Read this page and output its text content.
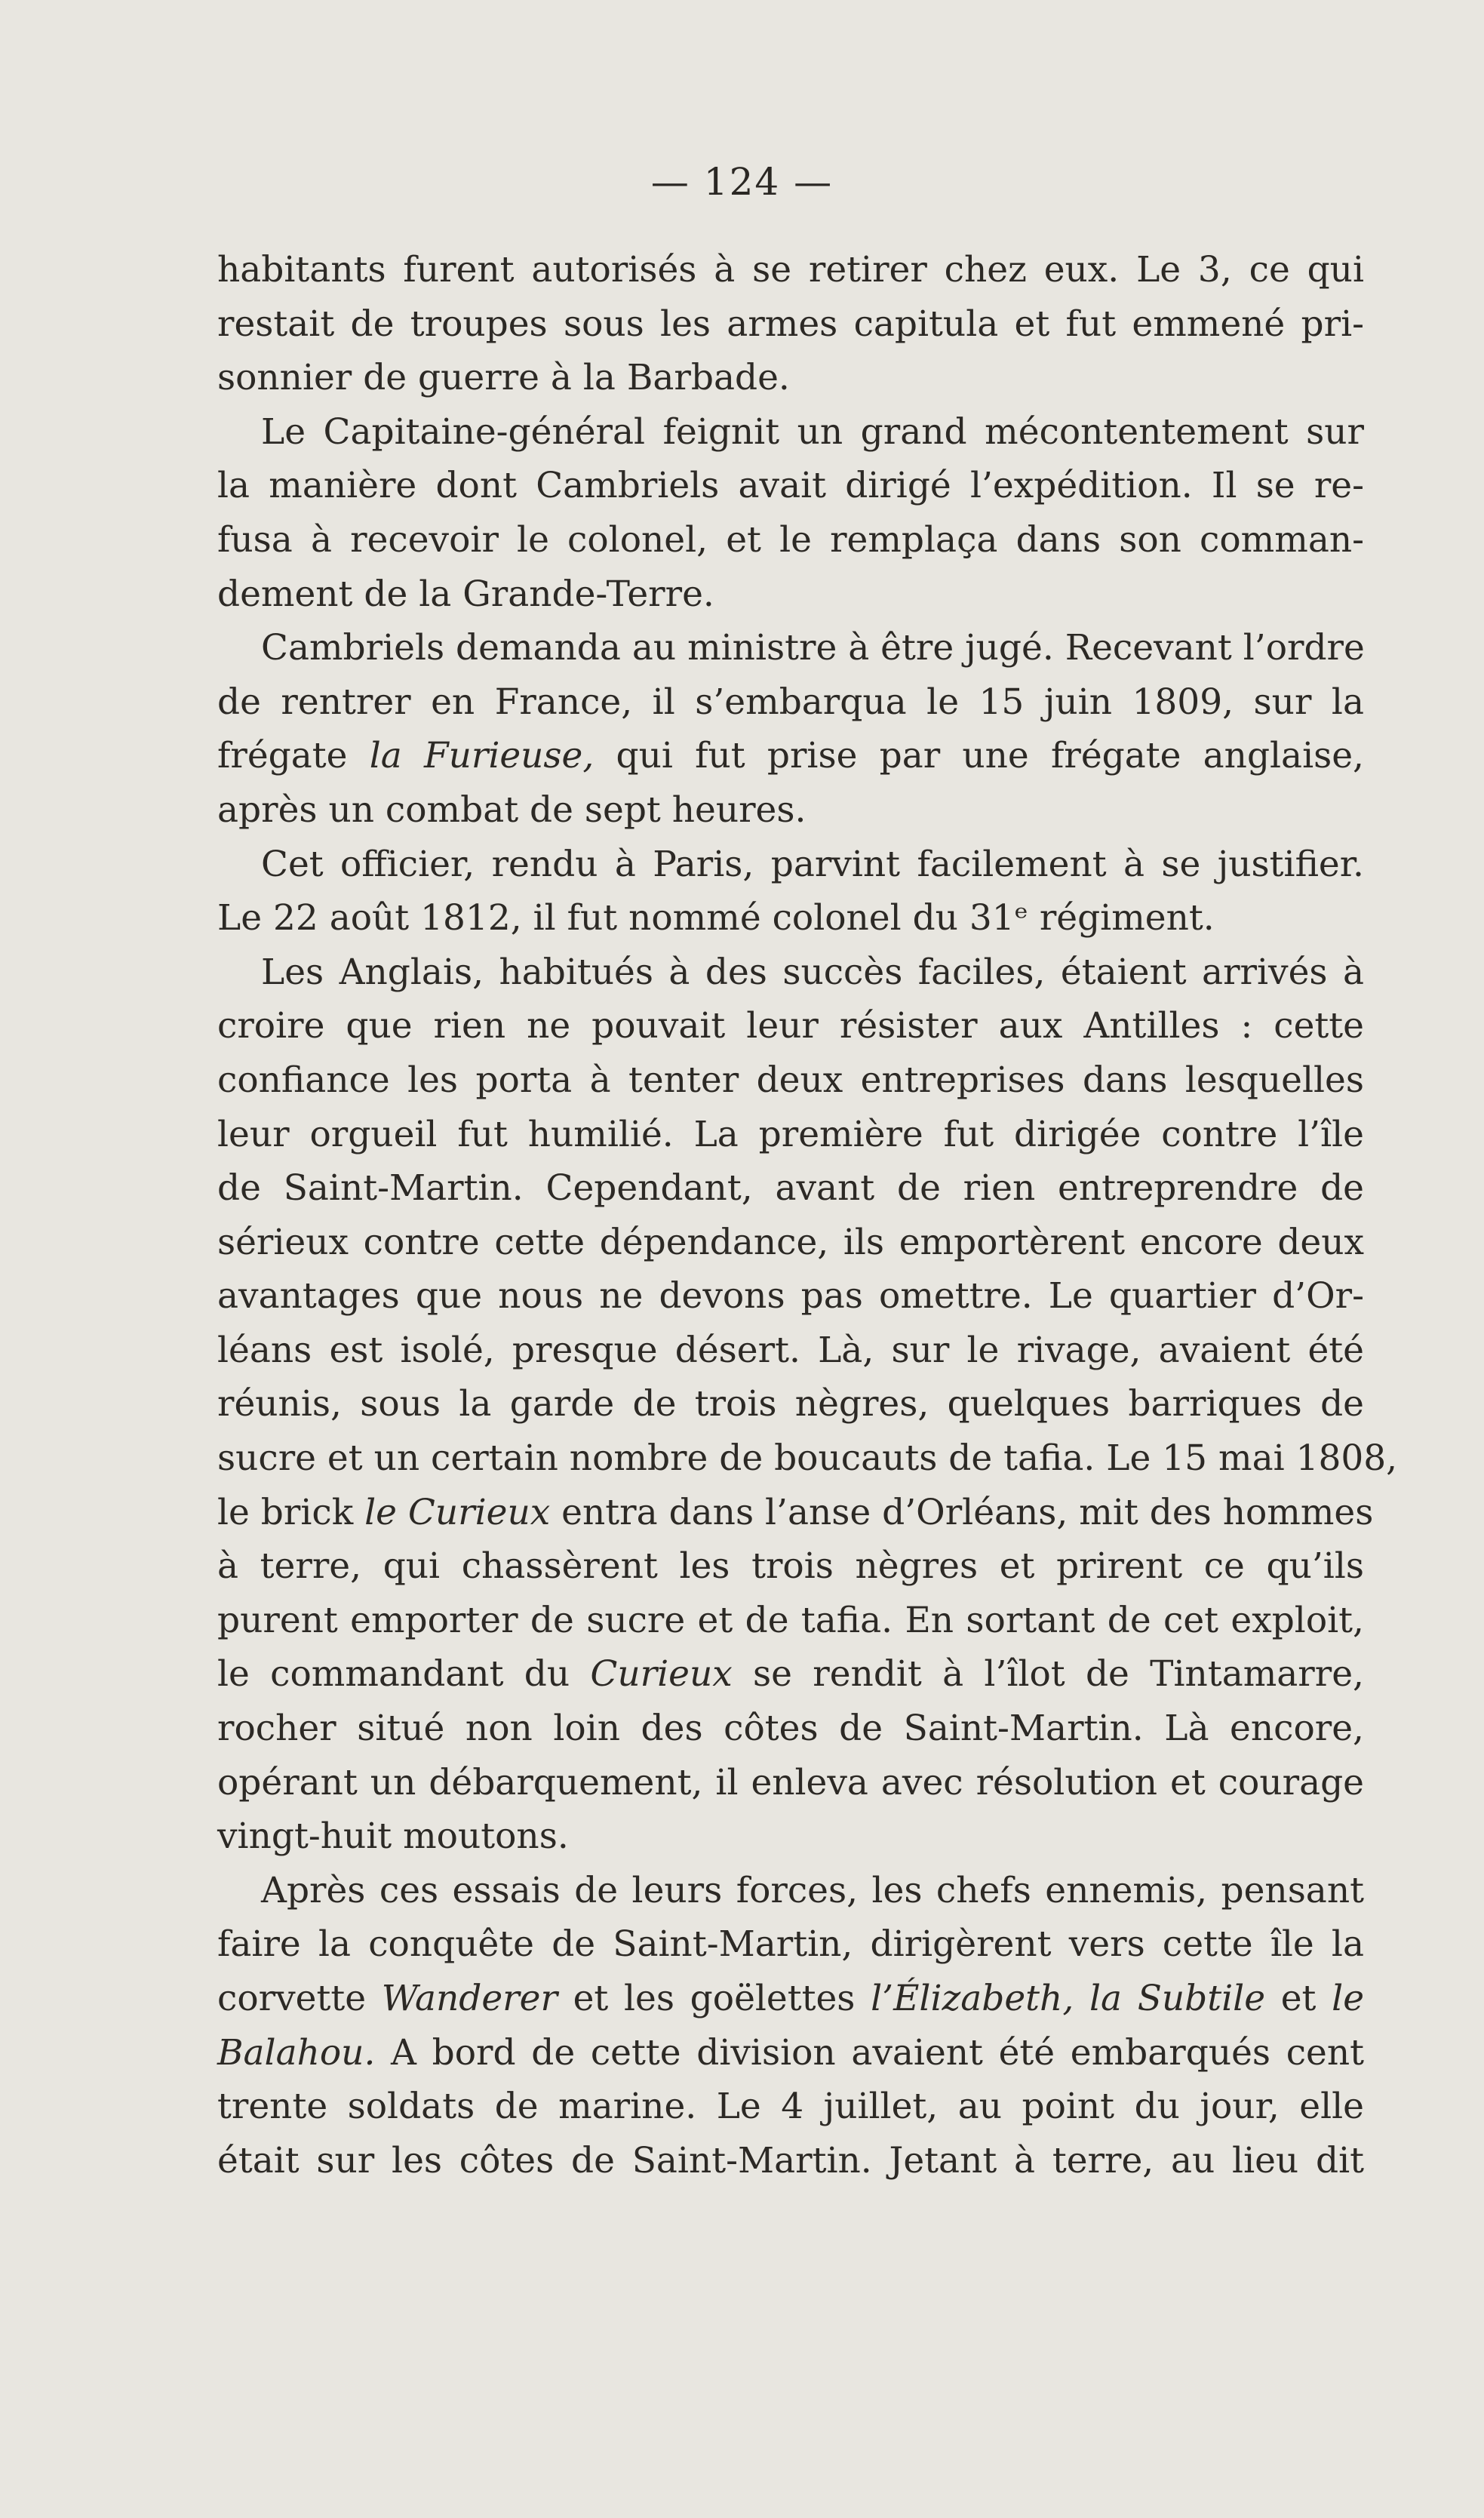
— 124 —
habitants furent autorisés à se retirer chez eux. Le 3, ce qui
restait de troupes sous les armes capitula et fut emmené pri-
sonnier de guerre à la Barbade.
Le Capitaine-général feignit un grand mécontentement sur
la manière dont Cambriels avait dirigé l’expédition. Il se re-
fusa à recevoir le colonel, et le remplaça dans son comman-
dement de la Grande-Terre.
Cambriels demanda au ministre à être jugé. Recevant l’ordre
de rentrer en France, il s’embarqua le 15 juin 1809, sur la
frégate la Furieuse, qui fut prise par une frégate anglaise,
après un combat de sept heures.
Cet officier, rendu à Paris, parvint facilement à se justifier.
Le 22 août 1812, il fut nommé colonel du 31ᵉ régiment.
Les Anglais, habitués à des succès faciles, étaient arrivés à
croire que rien ne pouvait leur résister aux Antilles : cette
confiance les porta à tenter deux entreprises dans lesquelles
leur orgueil fut humilié. La première fut dirigée contre l’île
de Saint-Martin. Cependant, avant de rien entreprendre de
sérieux contre cette dépendance, ils emportèrent encore deux
avantages que nous ne devons pas omettre. Le quartier d’Or-
léans est isolé, presque désert. Là, sur le rivage, avaient été
réunis, sous la garde de trois nègres, quelques barriques de
sucre et un certain nombre de boucauts de tafia. Le 15 mai 1808,
le brick le Curieux entra dans l’anse d’Orléans, mit des hommes
à terre, qui chassèrent les trois nègres et prirent ce qu’ils
purent emporter de sucre et de tafia. En sortant de cet exploit,
le commandant du Curieux se rendit à l’îlot de Tintamarre,
rocher situé non loin des côtes de Saint-Martin. Là encore,
opérant un débarquement, il enleva avec résolution et courage
vingt-huit moutons.
Après ces essais de leurs forces, les chefs ennemis, pensant
faire la conquête de Saint-Martin, dirigèrent vers cette île la
corvette Wanderer et les goëlettes l’Élizabeth, la Subtile et le
Balahou. A bord de cette division avaient été embarqués cent
trente soldats de marine. Le 4 juillet, au point du jour, elle
était sur les côtes de Saint-Martin. Jetant à terre, au lieu dit
